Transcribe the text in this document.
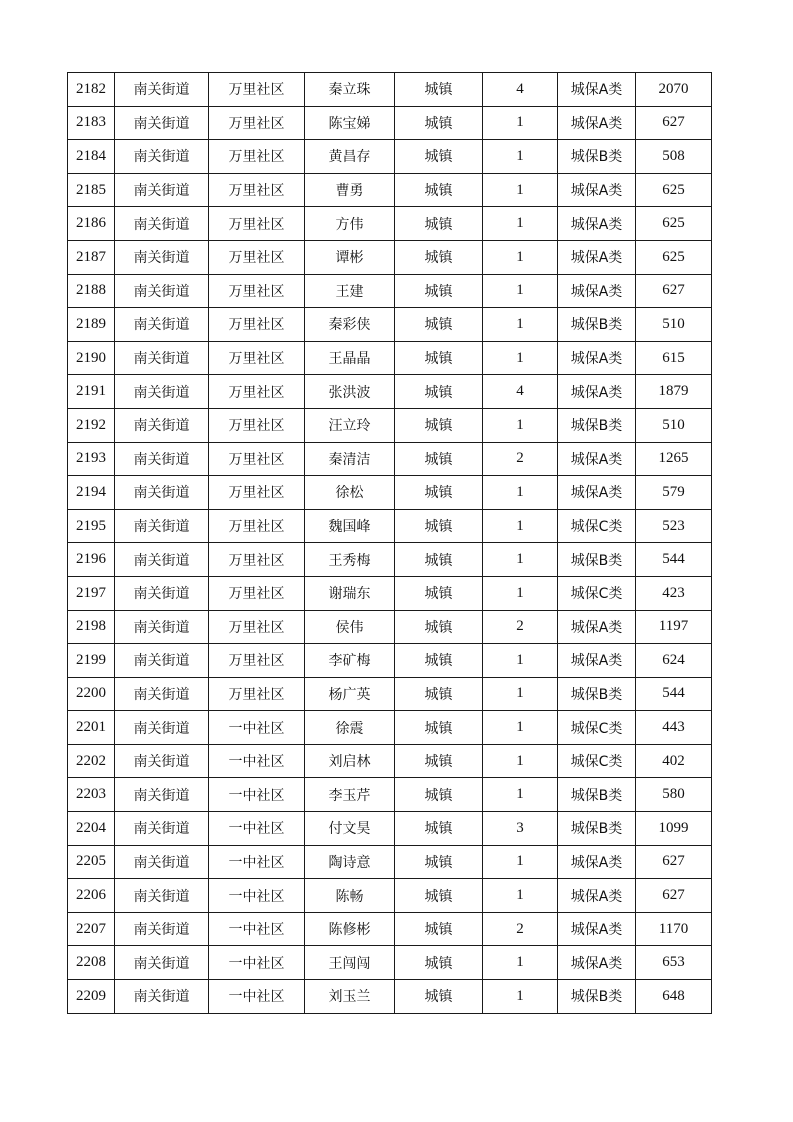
2182	南关街道	万里社区	秦立珠	城镇	4	城保A类	2070
2183	南关街道	万里社区	陈宝娣	城镇	1	城保A类	627
2184	南关街道	万里社区	黄昌存	城镇	1	城保B类	508
2185	南关街道	万里社区	曹勇	城镇	1	城保A类	625
2186	南关街道	万里社区	方伟	城镇	1	城保A类	625
2187	南关街道	万里社区	谭彬	城镇	1	城保A类	625
2188	南关街道	万里社区	王建	城镇	1	城保A类	627
2189	南关街道	万里社区	秦彩侠	城镇	1	城保B类	510
2190	南关街道	万里社区	王晶晶	城镇	1	城保A类	615
2191	南关街道	万里社区	张洪波	城镇	4	城保A类	1879
2192	南关街道	万里社区	汪立玲	城镇	1	城保B类	510
2193	南关街道	万里社区	秦清洁	城镇	2	城保A类	1265
2194	南关街道	万里社区	徐松	城镇	1	城保A类	579
2195	南关街道	万里社区	魏国峰	城镇	1	城保C类	523
2196	南关街道	万里社区	王秀梅	城镇	1	城保B类	544
2197	南关街道	万里社区	谢瑞东	城镇	1	城保C类	423
2198	南关街道	万里社区	侯伟	城镇	2	城保A类	1197
2199	南关街道	万里社区	李矿梅	城镇	1	城保A类	624
2200	南关街道	万里社区	杨广英	城镇	1	城保B类	544
2201	南关街道	一中社区	徐震	城镇	1	城保C类	443
2202	南关街道	一中社区	刘启林	城镇	1	城保C类	402
2203	南关街道	一中社区	李玉芹	城镇	1	城保B类	580
2204	南关街道	一中社区	付文昊	城镇	3	城保B类	1099
2205	南关街道	一中社区	陶诗意	城镇	1	城保A类	627
2206	南关街道	一中社区	陈畅	城镇	1	城保A类	627
2207	南关街道	一中社区	陈修彬	城镇	2	城保A类	1170
2208	南关街道	一中社区	王闯闯	城镇	1	城保A类	653
2209	南关街道	一中社区	刘玉兰	城镇	1	城保B类	648
